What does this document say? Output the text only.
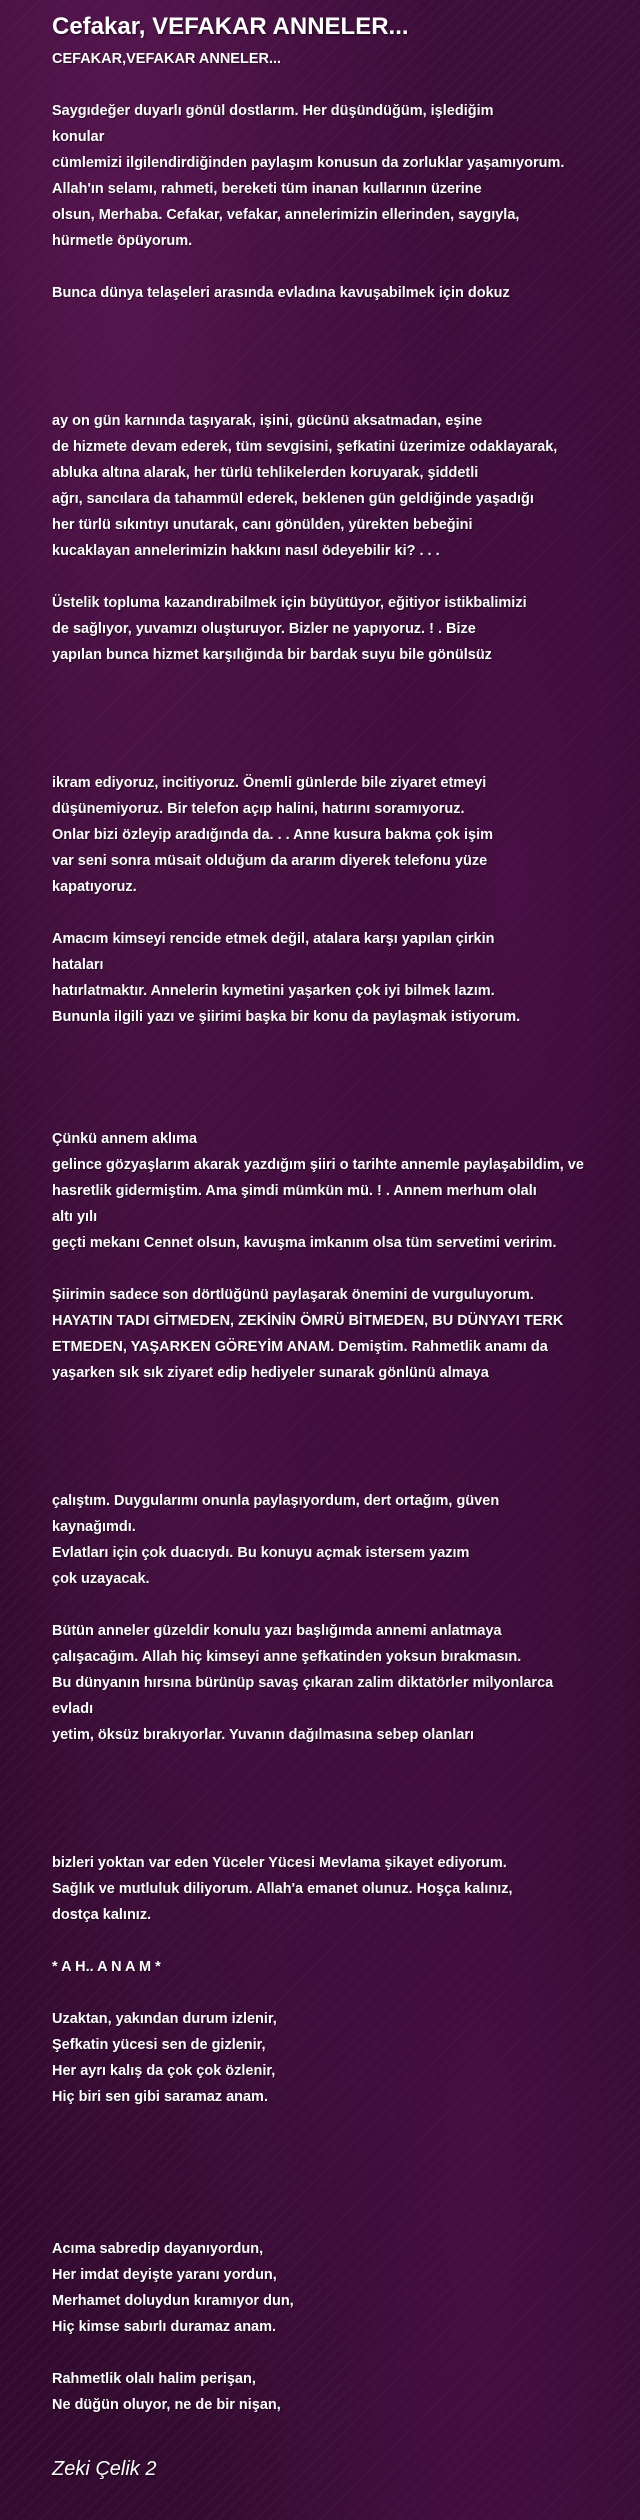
Cefakar, VEFAKAR ANNELER...
CEFAKAR,VEFAKAR ANNELER...
Saygıdeğer duyarlı gönül dostlarım. Her düşündüğüm, işlediğim
konular
cümlemizi ilgilendirdiğinden paylaşım konusun da zorluklar yaşamıyorum.
Allah'ın selamı, rahmeti, bereketi tüm inanan kullarının üzerine
olsun, Merhaba. Cefakar, vefakar, annelerimizin ellerinden, saygıyla,
hürmetle öpüyorum.
Bunca dünya telaşeleri arasında evladına kavuşabilmek için dokuz
ay on gün karnında taşıyarak, işini, gücünü aksatmadan, eşine
de hizmete devam ederek, tüm sevgisini, şefkatini üzerimize odaklayarak,
abluka altına alarak, her türlü tehlikelerden koruyarak, şiddetli
ağrı, sancılara da tahammül ederek, beklenen gün geldiğinde yaşadığı
her türlü sıkıntıyı unutarak, canı gönülden, yürekten bebeğini
kucaklayan annelerimizin hakkını nasıl ödeyebilir ki? . . .
Üstelik topluma kazandırabilmek için büyütüyor, eğitiyor istikbalimizi
de sağlıyor, yuvamızı oluşturuyor. Bizler ne yapıyoruz. ! . Bize
yapılan bunca hizmet karşılığında bir bardak suyu bile gönülsüz
ikram ediyoruz, incitiyoruz. Önemli günlerde bile ziyaret etmeyi
düşünemiyoruz. Bir telefon açıp halini, hatırını soramıyoruz.
Onlar bizi özleyip aradığında da. . . Anne kusura bakma çok işim
var seni sonra müsait olduğum da ararım diyerek telefonu yüze
kapatıyoruz.
Amacım kimseyi rencide etmek değil, atalara karşı yapılan çirkin
hataları
hatırlatmaktır. Annelerin kıymetini yaşarken çok iyi bilmek lazım.
Bununla ilgili yazı ve şiirimi başka bir konu da paylaşmak istiyorum.
Çünkü annem aklıma
gelince gözyaşlarım akarak yazdığım şiiri o tarihte annemle paylaşabildim, ve
hasretlik gidermiştim. Ama şimdi mümkün mü. ! . Annem merhum olalı
altı yılı
geçti mekanı Cennet olsun, kavuşma imkanım olsa tüm servetimi veririm.
Şiirimin sadece son dörtlüğünü paylaşarak önemini de vurguluyorum.
HAYATIN TADI GİTMEDEN, ZEKİNİN ÖMRÜ BİTMEDEN, BU DÜNYAYI TERK
ETMEDEN, YAŞARKEN GÖREYİM ANAM. Demiştim. Rahmetlik anamı da
yaşarken sık sık ziyaret edip hediyeler sunarak gönlünü almaya
çalıştım. Duygularımı onunla paylaşıyordum, dert ortağım, güven
kaynağımdı.
Evlatları için çok duacıydı. Bu konuyu açmak istersem yazım
çok uzayacak.
Bütün anneler güzeldir konulu yazı başlığımda annemi anlatmaya
çalışacağım. Allah hiç kimseyi anne şefkatinden yoksun bırakmasın.
Bu dünyanın hırsına bürünüp savaş çıkaran zalim diktatörler milyonlarca
evladı
yetim, öksüz bırakıyorlar. Yuvanın dağılmasına sebep olanları
bizleri yoktan var eden Yüceler Yücesi Mevlama şikayet ediyorum.
Sağlık ve mutluluk diliyorum. Allah'a emanet olunuz. Hoşça kalınız,
dostça kalınız.
* A H.. A N A M *
Uzaktan, yakından durum izlenir,
Şefkatin yücesi sen de gizlenir,
Her ayrı kalış da çok çok özlenir,
Hiç biri sen gibi saramaz anam.
Acıma sabredip dayanıyordun,
Her imdat deyişte yaranı yordun,
Merhamet doluydun kıramıyor dun,
Hiç kimse sabırlı duramaz anam.
Rahmetlik olalı halim perişan,
Ne düğün oluyor, ne de bir nişan,
Zeki Çelik 2
